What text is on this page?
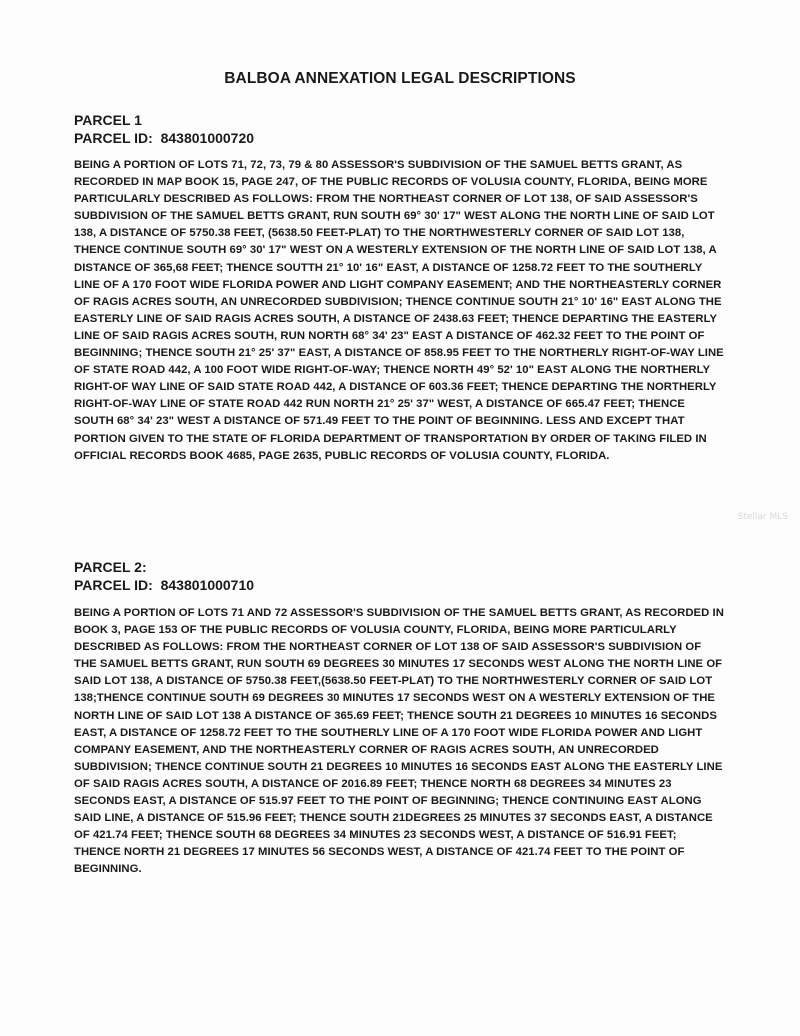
BALBOA ANNEXATION LEGAL DESCRIPTIONS
PARCEL 1
PARCEL ID: 843801000720

BEING A PORTION OF LOTS 71, 72, 73, 79 & 80 ASSESSOR'S SUBDIVISION OF THE SAMUEL BETTS GRANT, AS RECORDED IN MAP BOOK 15, PAGE 247, OF THE PUBLIC RECORDS OF VOLUSIA COUNTY, FLORIDA, BEING MORE PARTICULARLY DESCRIBED AS FOLLOWS: FROM THE NORTHEAST CORNER OF LOT 138, OF SAID ASSESSOR'S SUBDIVISION OF THE SAMUEL BETTS GRANT, RUN SOUTH 69° 30' 17" WEST ALONG THE NORTH LINE OF SAID LOT 138, A DISTANCE OF 5750.38 FEET, (5638.50 FEET-PLAT) TO THE NORTHWESTERLY CORNER OF SAID LOT 138, THENCE CONTINUE SOUTH 69° 30' 17" WEST ON A WESTERLY EXTENSION OF THE NORTH LINE OF SAID LOT 138, A DISTANCE OF 365,68 FEET; THENCE SOUTTH 21° 10' 16" EAST, A DISTANCE OF 1258.72 FEET TO THE SOUTHERLY LINE OF A 170 FOOT WIDE FLORIDA POWER AND LIGHT COMPANY EASEMENT; AND THE NORTHEASTERLY CORNER OF RAGIS ACRES SOUTH, AN UNRECORDED SUBDIVISION; THENCE CONTINUE SOUTH 21° 10' 16" EAST ALONG THE EASTERLY LINE OF SAID RAGIS ACRES SOUTH, A DISTANCE OF 2438.63 FEET; THENCE DEPARTING THE EASTERLY LINE OF SAID RAGIS ACRES SOUTH, RUN NORTH 68° 34' 23" EAST A DISTANCE OF 462.32 FEET TO THE POINT OF BEGINNING; THENCE SOUTH 21° 25' 37" EAST, A DISTANCE OF 858.95 FEET TO THE NORTHERLY RIGHT-OF-WAY LINE OF STATE ROAD 442, A 100 FOOT WIDE RIGHT-OF-WAY; THENCE NORTH 49° 52' 10" EAST ALONG THE NORTHERLY RIGHT-OF WAY LINE OF SAID STATE ROAD 442, A DISTANCE OF 603.36 FEET; THENCE DEPARTING THE NORTHERLY RIGHT-OF-WAY LINE OF STATE ROAD 442 RUN NORTH 21° 25' 37" WEST, A DISTANCE OF 665.47 FEET; THENCE SOUTH 68° 34' 23" WEST A DISTANCE OF 571.49 FEET TO THE POINT OF BEGINNING. LESS AND EXCEPT THAT PORTION GIVEN TO THE STATE OF FLORIDA DEPARTMENT OF TRANSPORTATION BY ORDER OF TAKING FILED IN OFFICIAL RECORDS BOOK 4685, PAGE 2635, PUBLIC RECORDS OF VOLUSIA COUNTY, FLORIDA.

Stellar MLS
PARCEL 2:
PARCEL ID: 843801000710

BEING A PORTION OF LOTS 71 AND 72 ASSESSOR'S SUBDIVISION OF THE SAMUEL BETTS GRANT, AS RECORDED IN BOOK 3, PAGE 153 OF THE PUBLIC RECORDS OF VOLUSIA COUNTY, FLORIDA, BEING MORE PARTICULARLY DESCRIBED AS FOLLOWS: FROM THE NORTHEAST CORNER OF LOT 138 OF SAID ASSESSOR'S SUBDIVISION OF THE SAMUEL BETTS GRANT, RUN SOUTH 69 DEGREES 30 MINUTES 17 SECONDS WEST ALONG THE NORTH LINE OF SAID LOT 138, A DISTANCE OF 5750.38 FEET,(5638.50 FEET-PLAT) TO THE NORTHWESTERLY CORNER OF SAID LOT 138;THENCE CONTINUE SOUTH 69 DEGREES 30 MINUTES 17 SECONDS WEST ON A WESTERLY EXTENSION OF THE NORTH LINE OF SAID LOT 138 A DISTANCE OF 365.69 FEET; THENCE SOUTH 21 DEGREES 10 MINUTES 16 SECONDS EAST, A DISTANCE OF 1258.72 FEET TO THE SOUTHERLY LINE OF A 170 FOOT WIDE FLORIDA POWER AND LIGHT COMPANY EASEMENT, AND THE NORTHEASTERLY CORNER OF RAGIS ACRES SOUTH, AN UNRECORDED SUBDIVISION; THENCE CONTINUE SOUTH 21 DEGREES 10 MINUTES 16 SECONDS EAST ALONG THE EASTERLY LINE OF SAID RAGIS ACRES SOUTH, A DISTANCE OF 2016.89 FEET; THENCE NORTH 68 DEGREES 34 MINUTES 23 SECONDS EAST, A DISTANCE OF 515.97 FEET TO THE POINT OF BEGINNING; THENCE CONTINUING EAST ALONG SAID LINE, A DISTANCE OF 515.96 FEET; THENCE SOUTH 21DEGREES 25 MINUTES 37 SECONDS EAST, A DISTANCE OF 421.74 FEET; THENCE SOUTH 68 DEGREES 34 MINUTES 23 SECONDS WEST, A DISTANCE OF 516.91 FEET; THENCE NORTH 21 DEGREES 17 MINUTES 56 SECONDS WEST, A DISTANCE OF 421.74 FEET TO THE POINT OF BEGINNING.
